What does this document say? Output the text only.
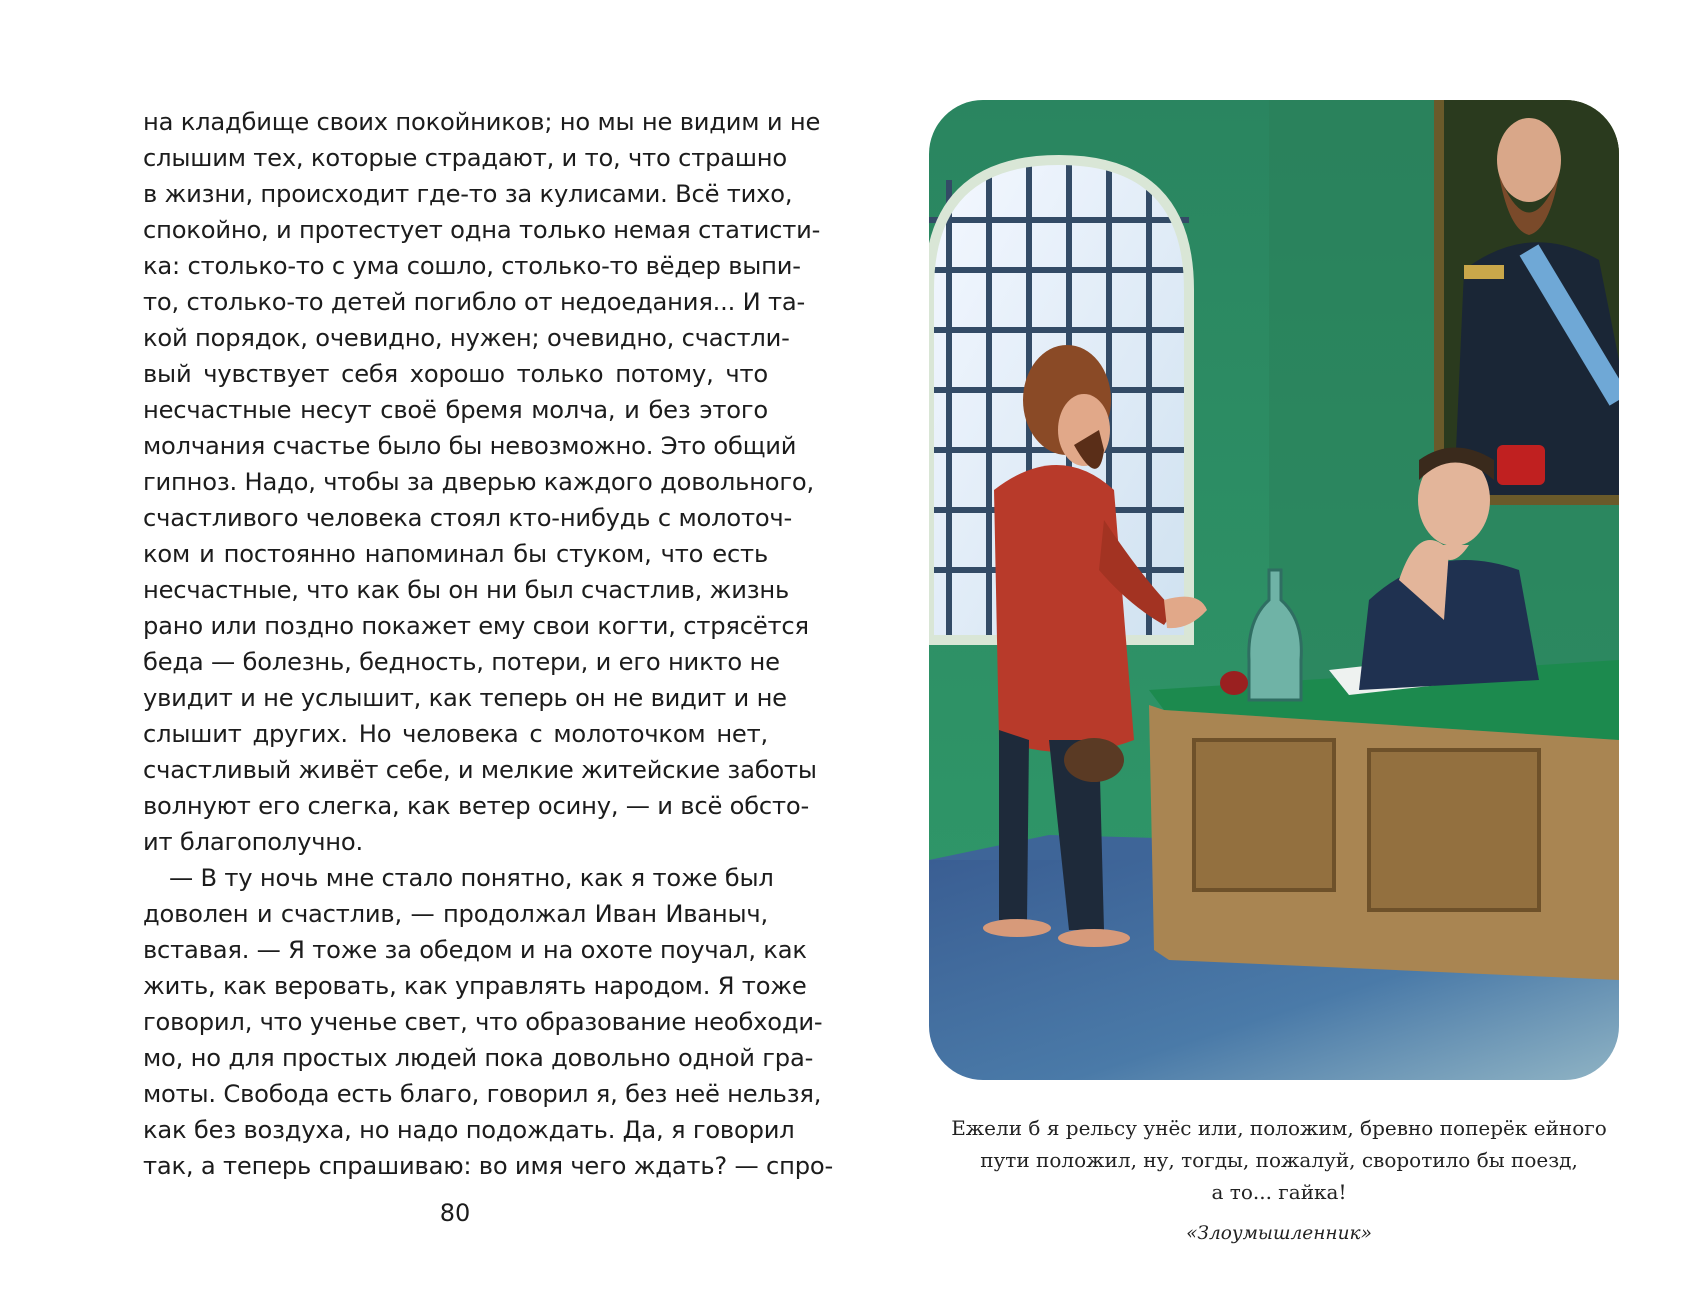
на кладбище своих покойников; но мы не видим и не
слышим тех, которые страдают, и то, что страшно
в жизни, происходит где-то за кулисами. Всё тихо,
спокойно, и протестует одна только немая статисти-
ка: столько-то с ума сошло, столько-то вёдер выпи-
то, столько-то детей погибло от недоедания... И та-
кой порядок, очевидно, нужен; очевидно, счастли-
вый чувствует себя хорошо только потому, что
несчастные несут своё бремя молча, и без этого
молчания счастье было бы невозможно. Это общий
гипноз. Надо, чтобы за дверью каждого довольного,
счастливого человека стоял кто-нибудь с молоточ-
ком и постоянно напоминал бы стуком, что есть
несчастные, что как бы он ни был счастлив, жизнь
рано или поздно покажет ему свои когти, стрясётся
беда — болезнь, бедность, потери, и его никто не
увидит и не услышит, как теперь он не видит и не
слышит других. Но человека с молоточком нет,
счастливый живёт себе, и мелкие житейские заботы
волнуют его слегка, как ветер осину, — и всё обсто-
ит благополучно.
— В ту ночь мне стало понятно, как я тоже был
доволен и счастлив, — продолжал Иван Иваныч,
вставая. — Я тоже за обедом и на охоте поучал, как
жить, как веровать, как управлять народом. Я тоже
говорил, что ученье свет, что образование необходи-
мо, но для простых людей пока довольно одной гра-
моты. Свобода есть благо, говорил я, без неё нельзя,
как без воздуха, но надо подождать. Да, я говорил
так, а теперь спрашиваю: во имя чего ждать? — спро-
80
Ежели б я рельсу унёс или, положим, бревно поперёк ейного
пути положил, ну, тогды, пожалуй, своротило бы поезд,
а то... гайка!
«Злоумышленник»
